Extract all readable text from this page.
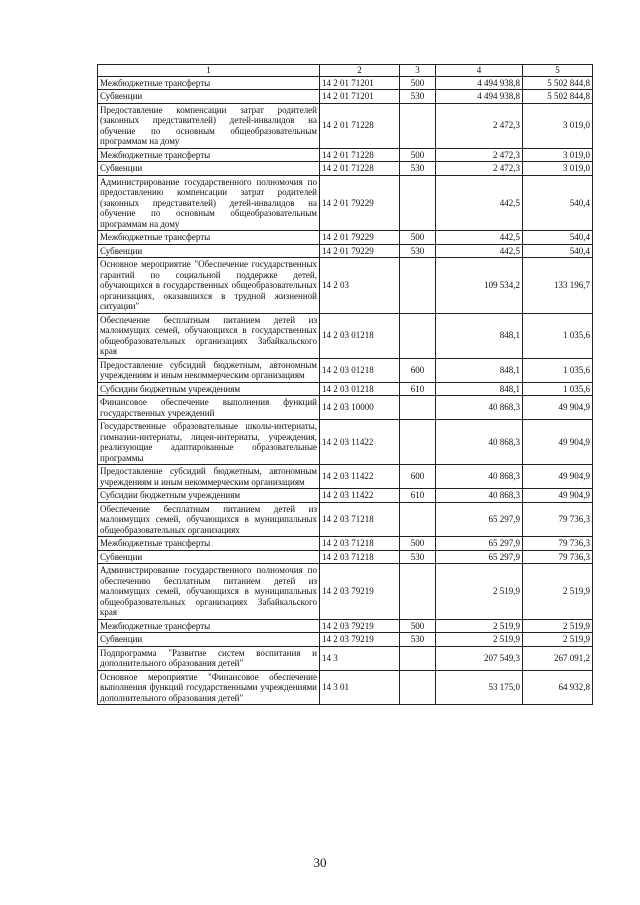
1	2	3	4	5
Межбюджетные трансферты	14 2 01 71201	500	4 494 938,8	5 502 844,8
Субвенции	14 2 01 71201	530	4 494 938,8	5 502 844,8
Предоставление компенсации затрат родителей (законных представителей) детей-инвалидов на обучение по основным общеобразовательным программам на дому	14 2 01 71228		2 472,3	3 019,0
Межбюджетные трансферты	14 2 01 71228	500	2 472,3	3 019,0
Субвенции	14 2 01 71228	530	2 472,3	3 019,0
Администрирование государственного полномочия по предоставлению компенсации затрат родителей (законных представителей) детей-инвалидов на обучение по основным общеобразовательным программам на дому	14 2 01 79229		442,5	540,4
Межбюджетные трансферты	14 2 01 79229	500	442,5	540,4
Субвенции	14 2 01 79229	530	442,5	540,4
Основное мероприятие "Обеспечение государственных гарантий по социальной поддержке детей, обучающихся в государственных общеобразовательных организациях, оказавшихся в трудной жизненной ситуации"	14 2 03		109 534,2	133 196,7
Обеспечение бесплатным питанием детей из малоимущих семей, обучающихся в государственных общеобразовательных организациях Забайкальского края	14 2 03 01218		848,1	1 035,6
Предоставление субсидий бюджетным, автономным учреждениям и иным некоммерческим организациям	14 2 03 01218	600	848,1	1 035,6
Субсидии бюджетным учреждениям	14 2 03 01218	610	848,1	1 035,6
Финансовое обеспечение выполнения функций государственных учреждений	14 2 03 10000		40 868,3	49 904,9
Государственные образовательные школы-интернаты, гимназии-интернаты, лицеи-интернаты, учреждения, реализующие адаптированные образовательные программы	14 2 03 11422		40 868,3	49 904,9
Предоставление субсидий бюджетным, автономным учреждениям и иным некоммерческим организациям	14 2 03 11422	600	40 868,3	49 904,9
Субсидии бюджетным учреждениям	14 2 03 11422	610	40 868,3	49 904,9
Обеспечение бесплатным питанием детей из малоимущих семей, обучающихся в муниципальных общеобразовательных организациях	14 2 03 71218		65 297,9	79 736,3
Межбюджетные трансферты	14 2 03 71218	500	65 297,9	79 736,3
Субвенции	14 2 03 71218	530	65 297,9	79 736,3
Администрирование государственного полномочия по обеспечению бесплатным питанием детей из малоимущих семей, обучающихся в муниципальных общеобразовательных организациях Забайкальского края	14 2 03 79219		2 519,9	2 519,9
Межбюджетные трансферты	14 2 03 79219	500	2 519,9	2 519,9
Субвенции	14 2 03 79219	530	2 519,9	2 519,9
Подпрограмма "Развитие систем воспитания и дополнительного образования детей"	14 3		207 549,3	267 091,2
Основное мероприятие "Финансовое обеспечение выполнения функций государственными учреждениями дополнительного образования детей"	14 3 01		53 175,0	64 932,8
30
